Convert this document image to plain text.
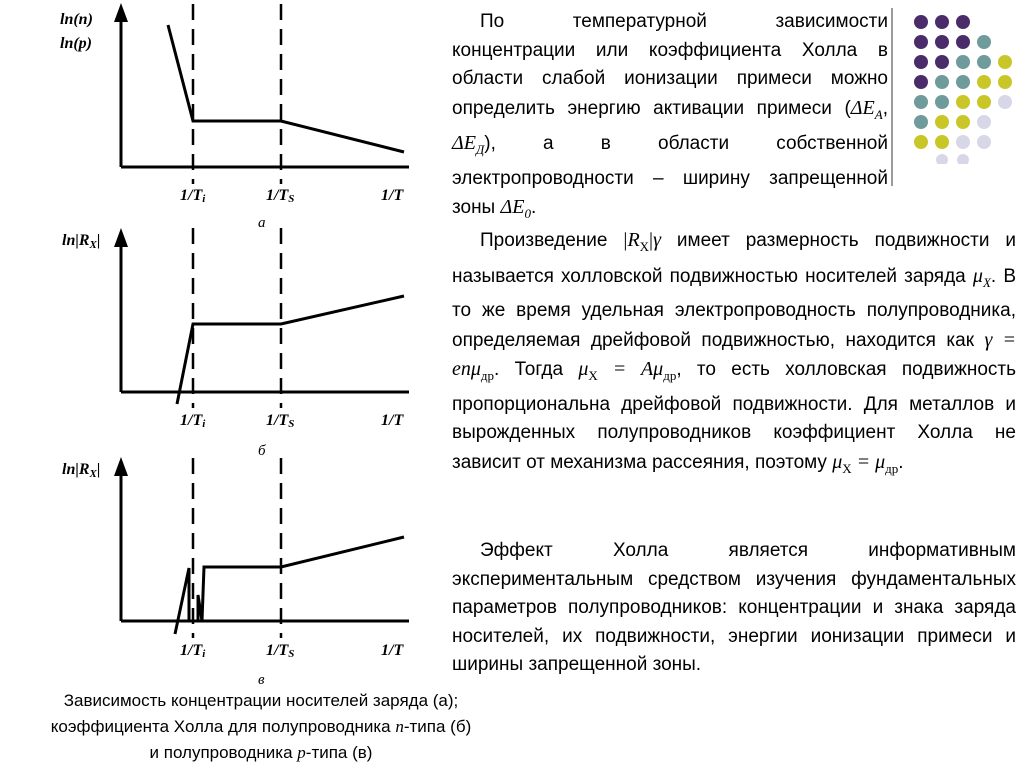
ln(n)
ln(p)
1/Ti	1/TS	1/T
а
ln|RX|
1/Ti	1/TS	1/T
б
ln|RX|
1/Ti	1/TS	1/T
в
Зависимость концентрации носителей заряда (а);
коэффициента Холла для полупроводника n-типа (б)
и полупроводника p-типа (в)

По температурной зависимости концентрации или коэффициента Холла в области слабой ионизации примеси можно определить энергию активации примеси ($\Delta E_A$, $\Delta E_Д$), а в области собственной электропроводности – ширину запрещенной зоны $\Delta E_0$.

Произведение $|R_X|\gamma$ имеет размерность подвижности и называется холловской подвижностью носителей заряда $\mu_X$. В то же время удельная электропроводность полупроводника, определяемая дрейфовой подвижностью, находится как γ = enμ$_{др}$. Тогда $\mu_X = A\mu_{др}$, то есть холловская подвижность пропорциональна дрейфовой подвижности. Для металлов и вырожденных полупроводников коэффициент Холла не зависит от механизма рассеяния, поэтому $\mu_X = \mu_{др}$.

Эффект Холла является информативным экспериментальным средством изучения фундаментальных параметров полупроводников: концентрации и знака заряда носителей, их подвижности, энергии ионизации примеси и ширины запрещенной зоны.
